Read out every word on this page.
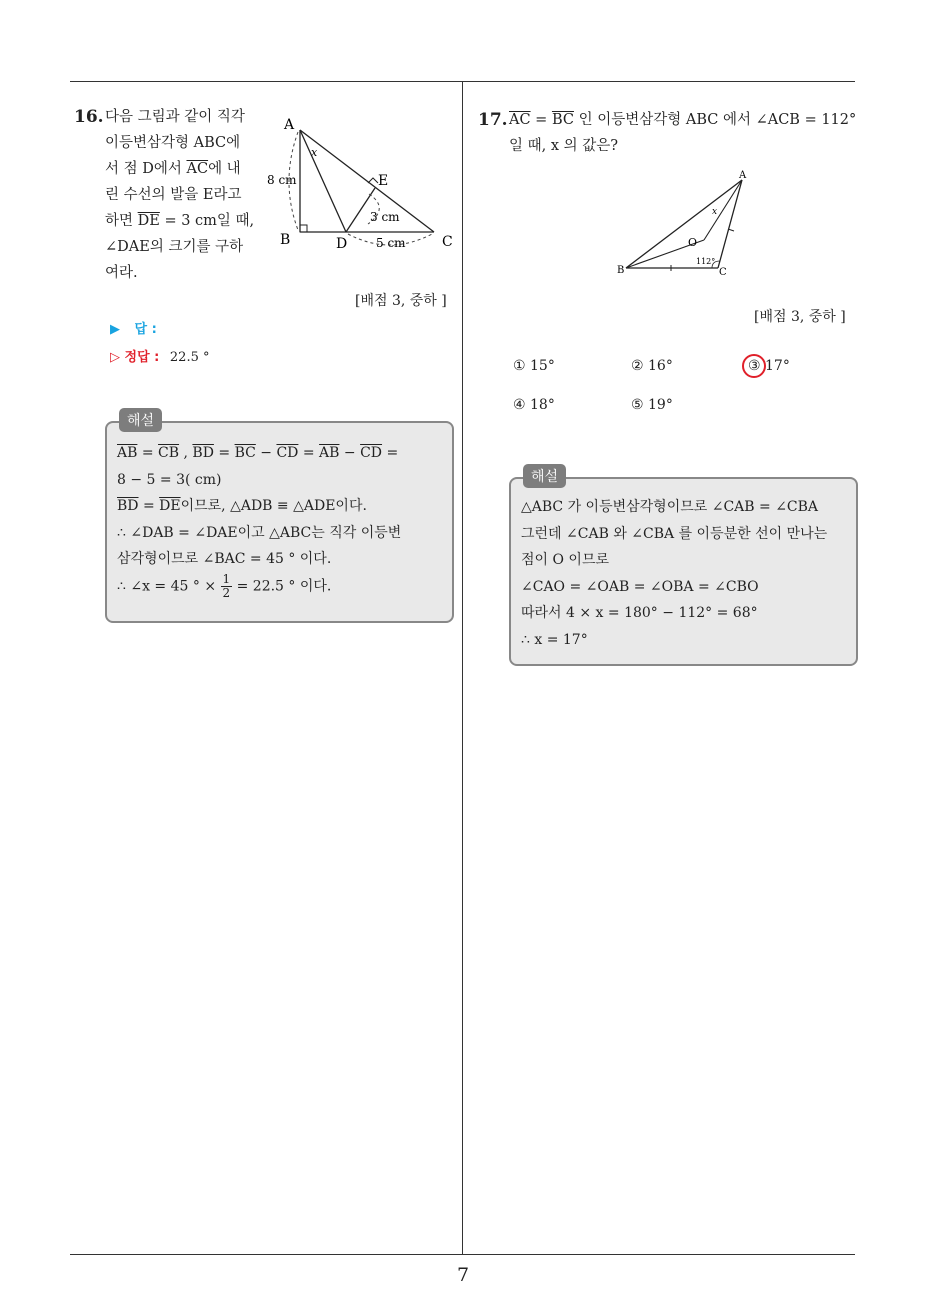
7
16. 다음 그림과 같이 직각
이등변삼각형 ABC에
서 점 D에서 $\overline{AC}$에 내
린 수선의 발을 E라고
하면 $\overline{DE} = 3$ cm일 때,
∠DAE의 크기를 구하
여라.
A
B	C
D
E
x
8 cm
3 cm
5 cm
[배점 3, 중하 ]
▶ 답 :
▷ 정답 : 22.5 °
해설
$\overline{AB} = \overline{CB}$ , $\overline{BD} = \overline{BC} - \overline{CD} = \overline{AB} - \overline{CD}$ =
8 − 5 = 3( cm)
$\overline{BD} = \overline{DE}$이므로, △ADB ≡ △ADE이다.
∴ ∠DAB = ∠DAE이고 △ABC는 직각 이등변
삼각형이므로 ∠BAC = 45 ° 이다.
∴ ∠x = 45 ° × $\frac{1}{2} = 22.5$ ° 이다.
17. $\overline{AC} = \overline{BC}$ 인 이등변삼각형 ABC 에서 ∠ACB = 112°
일 때, x 의 값은?
A
B	C
O
x
112°
[배점 3, 중하 ]
① 15°	② 16°	③ 17°
④ 18°	⑤ 19°
해설
△ABC 가 이등변삼각형이므로 ∠CAB = ∠CBA
그런데 ∠CAB 와 ∠CBA 를 이등분한 선이 만나는
점이 O 이므로
∠CAO = ∠OAB = ∠OBA = ∠CBO
따라서 4 × x = 180° − 112° = 68°
∴ x = 17°
